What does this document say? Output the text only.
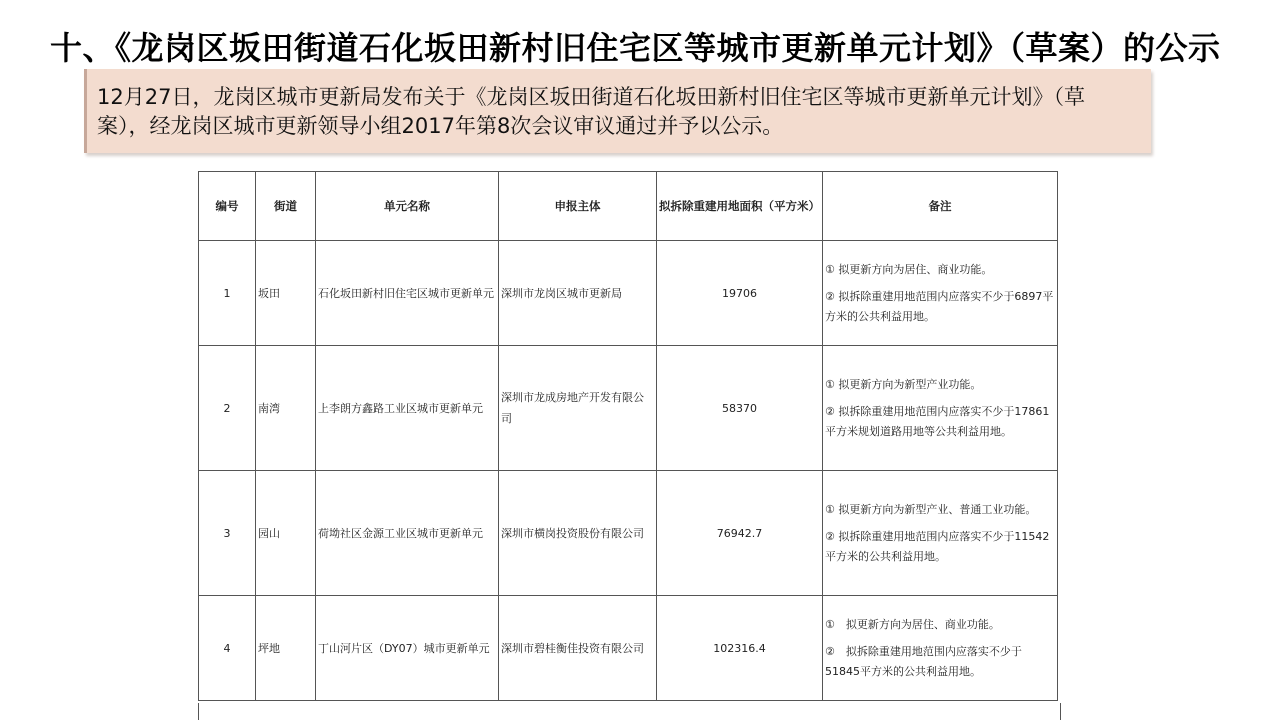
十、《龙岗区坂田街道石化坂田新村旧住宅区等城市更新单元计划》（草案）的公示
12月27日，龙岗区城市更新局发布关于《龙岗区坂田街道石化坂田新村旧住宅区等城市更新单元计划》（草案），经龙岗区城市更新领导小组2017年第8次会议审议通过并予以公示。
编号	街道	单元名称	申报主体	拟拆除重建用地面积（平方米）	备注
1	坂田	石化坂田新村旧住宅区城市更新单元	深圳市龙岗区城市更新局	19706	① 拟更新方向为居住、商业功能。

② 拟拆除重建用地范围内应落实不少于6897平方米的公共利益用地。

2	南湾	上李朗方鑫路工业区城市更新单元	深圳市龙成房地产开发有限公司	58370	① 拟更新方向为新型产业功能。

② 拟拆除重建用地范围内应落实不少于17861平方米规划道路用地等公共利益用地。

3	园山	荷坳社区金源工业区城市更新单元	深圳市横岗投资股份有限公司	76942.7	① 拟更新方向为新型产业、普通工业功能。

② 拟拆除重建用地范围内应落实不少于11542平方米的公共利益用地。

4	坪地	丁山河片区（DY07）城市更新单元	深圳市碧桂衡佳投资有限公司	102316.4	①　拟更新方向为居住、商业功能。

②　拟拆除重建用地范围内应落实不少于51845平方米的公共利益用地。
